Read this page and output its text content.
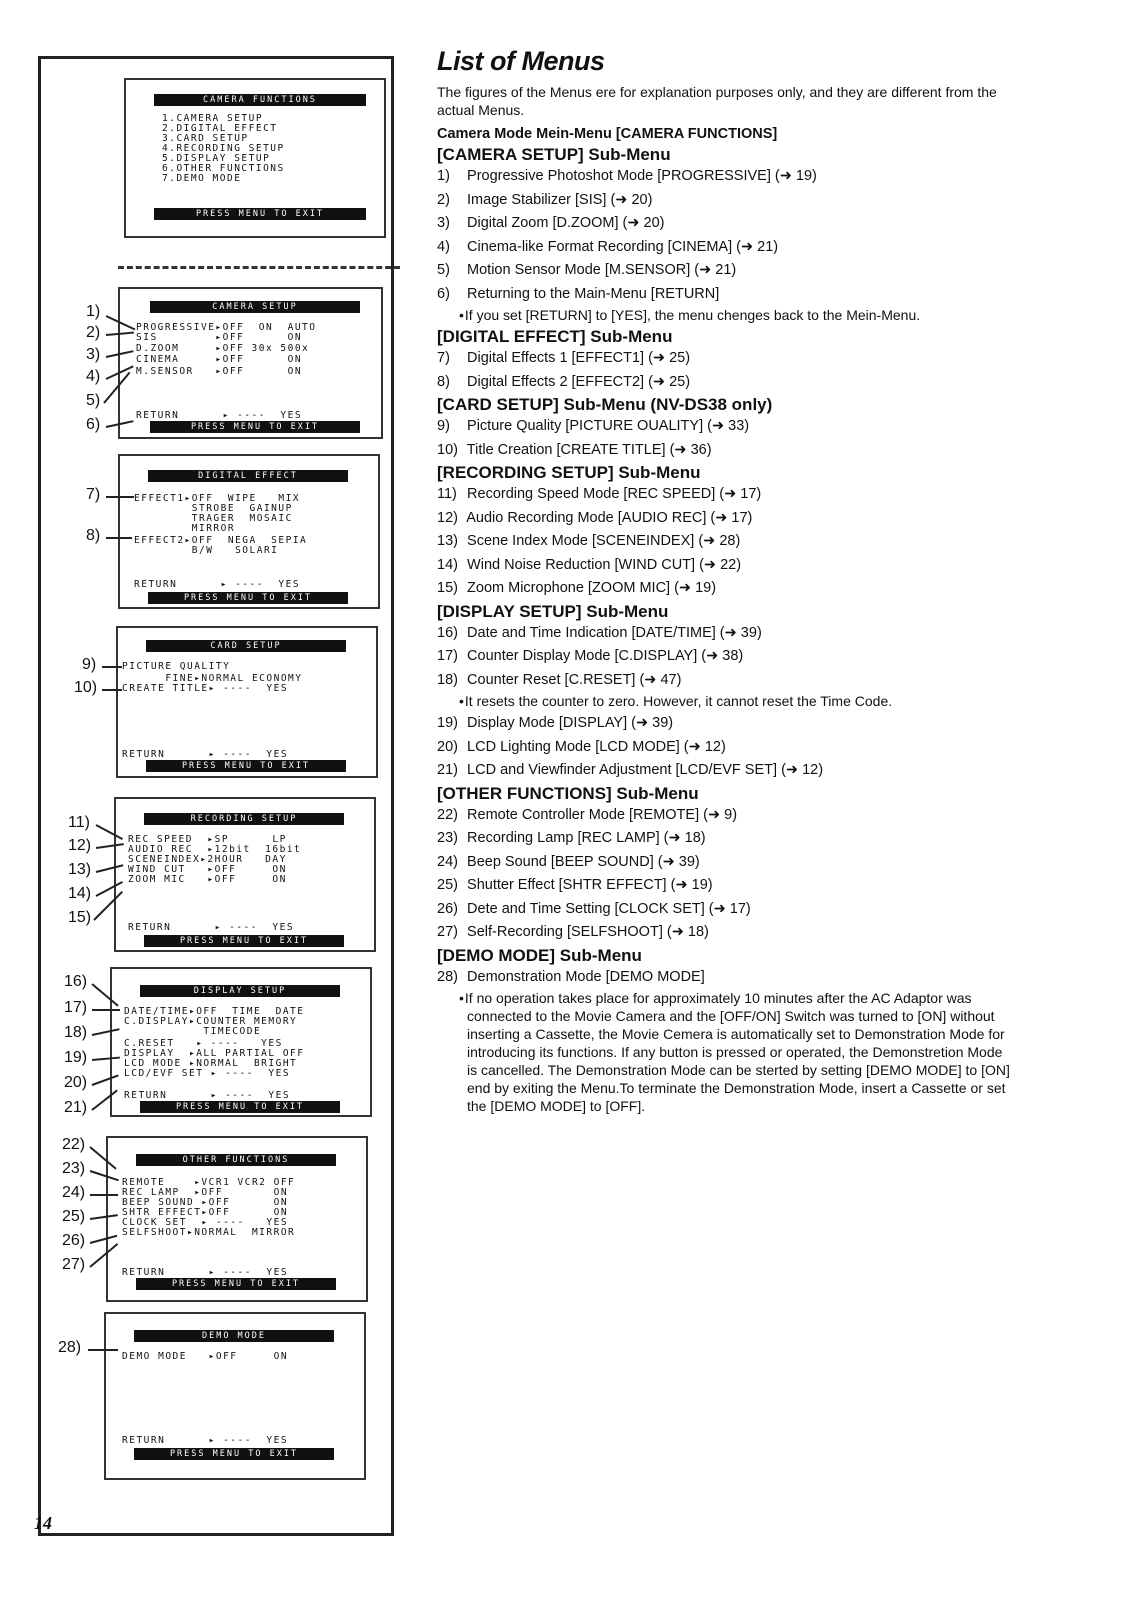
CAMERA FUNCTIONS
1.CAMERA SETUP
2.DIGITAL EFFECT
3.CARD SETUP
4.RECORDING SETUP
5.DISPLAY SETUP
6.OTHER FUNCTIONS
7.DEMO MODE
PRESS MENU TO EXIT
CAMERA SETUP
PROGRESSIVE▸OFF  ON  AUTO
SIS        ▸OFF      ON
D.ZOOM     ▸OFF 30x 500x
CINEMA     ▸OFF      ON
M.SENSOR   ▸OFF      ON
RETURN      ▸ ----  YES
PRESS MENU TO EXIT
DIGITAL EFFECT
EFFECT1▸OFF  WIPE   MIX
STROBE  GAINUP
TRAGER  MOSAIC
MIRROR
EFFECT2▸OFF  NEGA  SEPIA
B/W   SOLARI
RETURN      ▸ ----  YES
PRESS MENU TO EXIT
CARD SETUP
PICTURE QUALITY
FINE▸NORMAL ECONOMY
CREATE TITLE▸ ----  YES
RETURN      ▸ ----  YES
PRESS MENU TO EXIT
RECORDING SETUP
REC SPEED  ▸SP      LP
AUDIO REC  ▸12bit  16bit
SCENEINDEX▸2HOUR   DAY
WIND CUT   ▸OFF     ON
ZOOM MIC   ▸OFF     ON
RETURN      ▸ ----  YES
PRESS MENU TO EXIT
DISPLAY SETUP
DATE/TIME▸OFF  TIME  DATE
C.DISPLAY▸COUNTER MEMORY
TIMECODE
C.RESET   ▸ ----   YES
DISPLAY  ▸ALL PARTIAL OFF
LCD MODE ▸NORMAL  BRIGHT
LCD/EVF SET ▸ ----  YES
RETURN      ▸ ----  YES
PRESS MENU TO EXIT
OTHER FUNCTIONS
REMOTE    ▸VCR1 VCR2 OFF
REC LAMP  ▸OFF       ON
BEEP SOUND ▸OFF      ON
SHTR EFFECT▸OFF      ON
CLOCK SET  ▸ ----   YES
SELFSHOOT▸NORMAL  MIRROR
RETURN      ▸ ----  YES
PRESS MENU TO EXIT
DEMO MODE
DEMO MODE   ▸OFF     ON
RETURN      ▸ ----  YES
PRESS MENU TO EXIT
1)
2)
3)
4)
5)
6)
7)
8)
9)
10)
11)
12)
13)
14)
15)
16)
17)
18)
19)
20)
21)
22)
23)
24)
25)
26)
27)
28)
14
List of Menus

The figures of the Menus ere for explanation purposes only, and they are different from the actual Menus.

Camera Mode Mein-Menu [CAMERA FUNCTIONS]

[CAMERA SETUP] Sub-Menu

1) Progressive Photoshot Mode [PROGRESSIVE] (➜ 19)

2) Image Stabilizer [SIS] (➜ 20)

3) Digital Zoom [D.ZOOM] (➜ 20)

4) Cinema-like Format Recording [CINEMA] (➜ 21)

5) Motion Sensor Mode [M.SENSOR] (➜ 21)

6) Returning to the Main-Menu [RETURN]

• If you set [RETURN] to [YES], the menu chenges back to the Mein-Menu.

[DIGITAL EFFECT] Sub-Menu

7) Digital Effects 1 [EFFECT1] (➜ 25)

8) Digital Effects 2 [EFFECT2] (➜ 25)

[CARD SETUP] Sub-Menu (NV-DS38 only)

9) Picture Quality [PICTURE OUALITY] (➜ 33)

10) Title Creation [CREATE TITLE] (➜ 36)

[RECORDING SETUP] Sub-Menu

11) Recording Speed Mode [REC SPEED] (➜ 17)

12) Audio Recording Mode [AUDIO REC] (➜ 17)

13) Scene Index Mode [SCENEINDEX] (➜ 28)

14) Wind Noise Reduction [WIND CUT] (➜ 22)

15) Zoom Microphone [ZOOM MIC] (➜ 19)

[DISPLAY SETUP] Sub-Menu

16) Date and Time Indication [DATE/TIME] (➜ 39)

17) Counter Display Mode [C.DISPLAY] (➜ 38)

18) Counter Reset [C.RESET] (➜ 47)

• It resets the counter to zero. However, it cannot reset the Time Code.

19) Display Mode [DISPLAY] (➜ 39)

20) LCD Lighting Mode [LCD MODE] (➜ 12)

21) LCD and Viewfinder Adjustment [LCD/EVF SET] (➜ 12)

[OTHER FUNCTIONS] Sub-Menu

22) Remote Controller Mode [REMOTE] (➜ 9)

23) Recording Lamp [REC LAMP] (➜ 18)

24) Beep Sound [BEEP SOUND] (➜ 39)

25) Shutter Effect [SHTR EFFECT] (➜ 19)

26) Dete and Time Setting [CLOCK SET] (➜ 17)

27) Self-Recording [SELFSHOOT] (➜ 18)

[DEMO MODE] Sub-Menu

28) Demonstration Mode [DEMO MODE]

• If no operation takes place for approximately 10 minutes after the AC Adaptor was connected to the Movie Camera and the [OFF/ON] Switch was turned to [ON] without inserting a Cassette, the Movie Cemera is automatically set to Demonstration Mode for introducing its functions. If any button is pressed or operated, the Demonstretion Mode is cancelled. The Demonstration Mode can be sterted by setting [DEMO MODE] to [ON] end by exiting the Menu.To terminate the Demonstration Mode, insert a Cassette or set the [DEMO MODE] to [OFF].
